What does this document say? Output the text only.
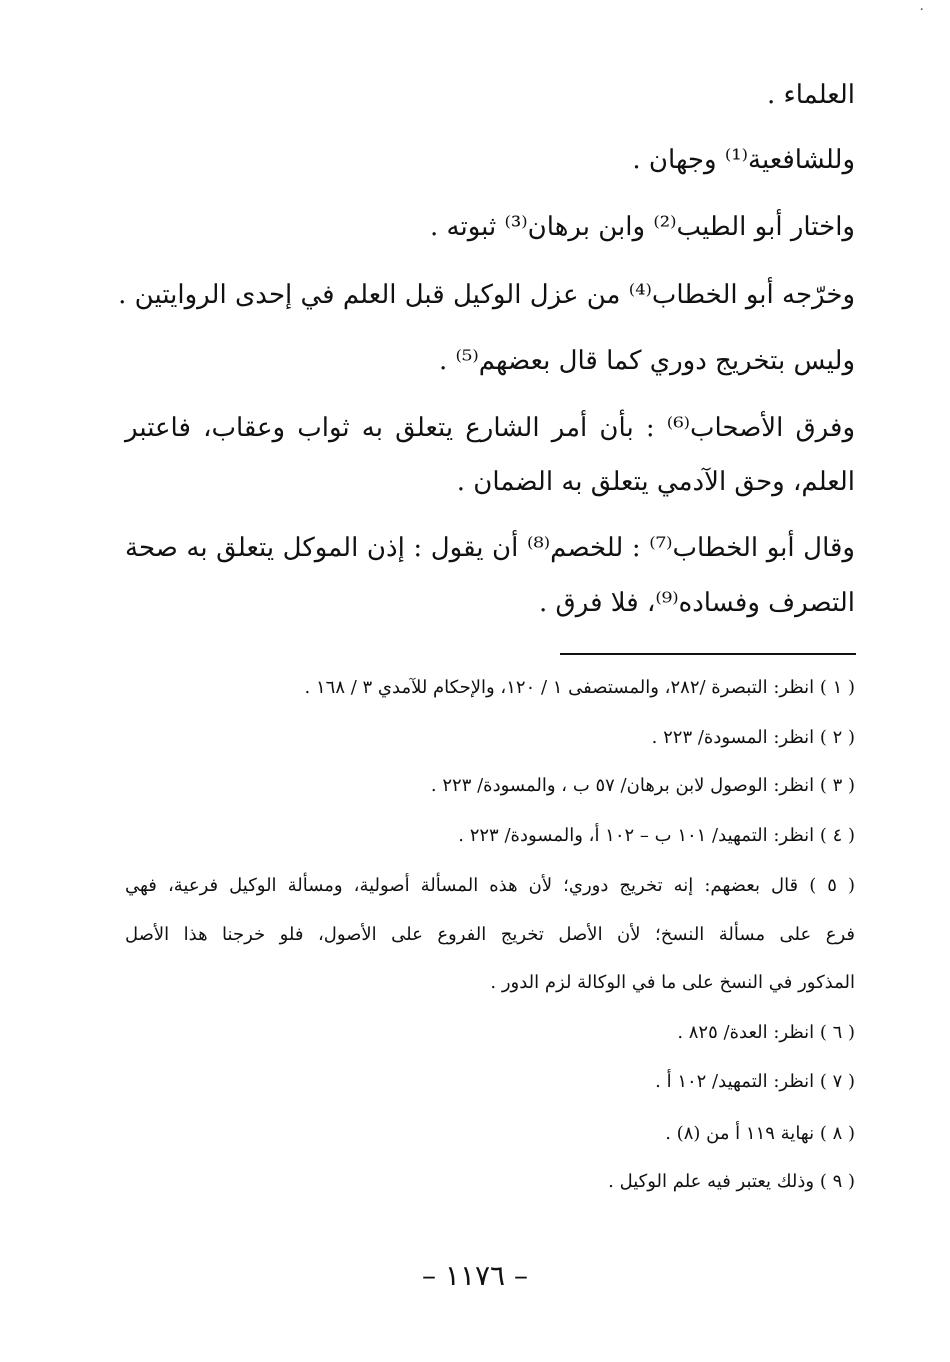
·
العلماء .
وللشافعية⁽¹⁾ وجهان .
واختار أبو الطيب⁽²⁾ وابن برهان⁽³⁾ ثبوته .
وخرّجه أبو الخطاب⁽⁴⁾ من عزل الوكيل قبل العلم في إحدى الروايتين .
وليس بتخريج دوري كما قال بعضهم⁽⁵⁾ .
وفرق الأصحاب⁽⁶⁾ : بأن أمر الشارع يتعلق به ثواب وعقاب، فاعتبر
العلم، وحق الآدمي يتعلق به الضمان .
وقال أبو الخطاب⁽⁷⁾ : للخصم⁽⁸⁾ أن يقول : إذن الموكل يتعلق به صحة
التصرف وفساده⁽⁹⁾، فلا فرق .
( ١ ) انظر: التبصرة /٢٨٢، والمستصفى ١ / ١٢٠، والإحكام للآمدي ٣ / ١٦٨ .
( ٢ ) انظر: المسودة/ ٢٢٣ .
( ٣ ) انظر: الوصول لابن برهان/ ٥٧ ب ، والمسودة/ ٢٢٣ .
( ٤ ) انظر: التمهيد/ ١٠١ ب – ١٠٢ أ، والمسودة/ ٢٢٣ .
( ٥ ) قال بعضهم: إنه تخريج دوري؛ لأن هذه المسألة أصولية، ومسألة الوكيل فرعية، فهي
فرع على مسألة النسخ؛ لأن الأصل تخريج الفروع على الأصول، فلو خرجنا هذا الأصل
المذكور في النسخ على ما في الوكالة لزم الدور .
( ٦ ) انظر: العدة/ ٨٢٥ .
( ٧ ) انظر: التمهيد/ ١٠٢ أ .
( ٨ ) نهاية ١١٩ أ من (٨) .
( ٩ ) وذلك يعتبر فيه علم الوكيل .
– ١١٧٦ –
